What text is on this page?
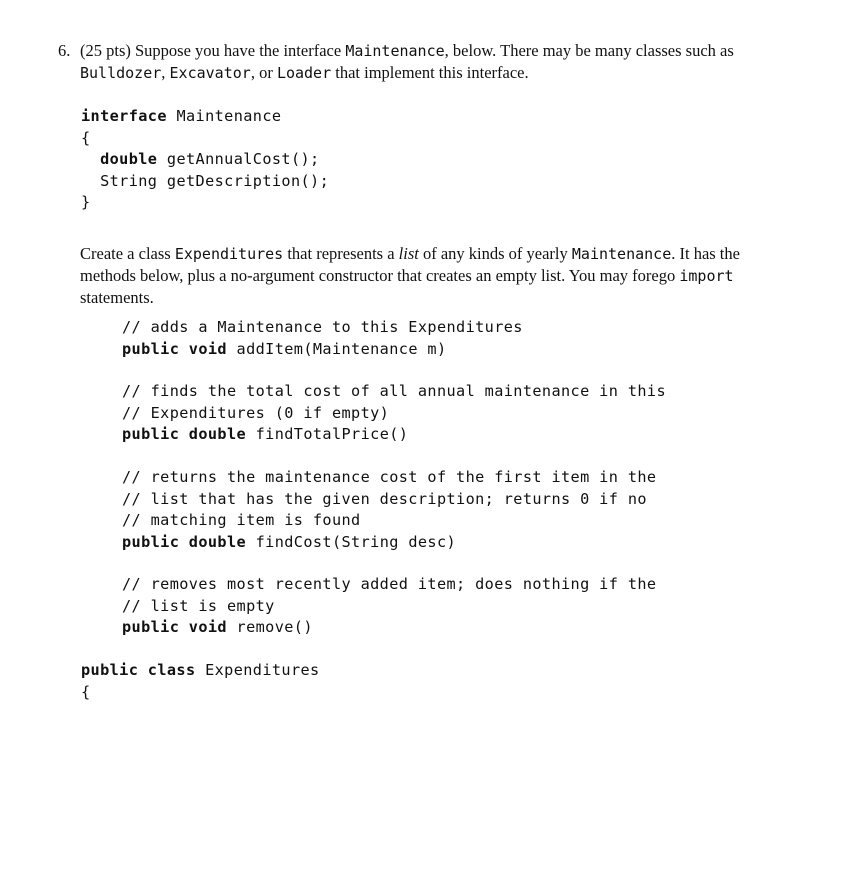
6. (25 pts) Suppose you have the interface Maintenance, below. There may be many classes such as
Bulldozer, Excavator, or Loader that implement this interface.

interface Maintenance
{
double getAnnualCost();
String getDescription();
}

Create a class Expenditures that represents a list of any kinds of yearly Maintenance. It has the methods below, plus a no-argument constructor that creates an empty list. You may forego import statements.

// adds a Maintenance to this Expenditures
public void addItem(Maintenance m)
// finds the total cost of all annual maintenance in this
// Expenditures (0 if empty)
public double findTotalPrice()
// returns the maintenance cost of the first item in the
// list that has the given description; returns 0 if no
// matching item is found
public double findCost(String desc)
// removes most recently added item; does nothing if the
// list is empty
public void remove()
public class Expenditures
{
